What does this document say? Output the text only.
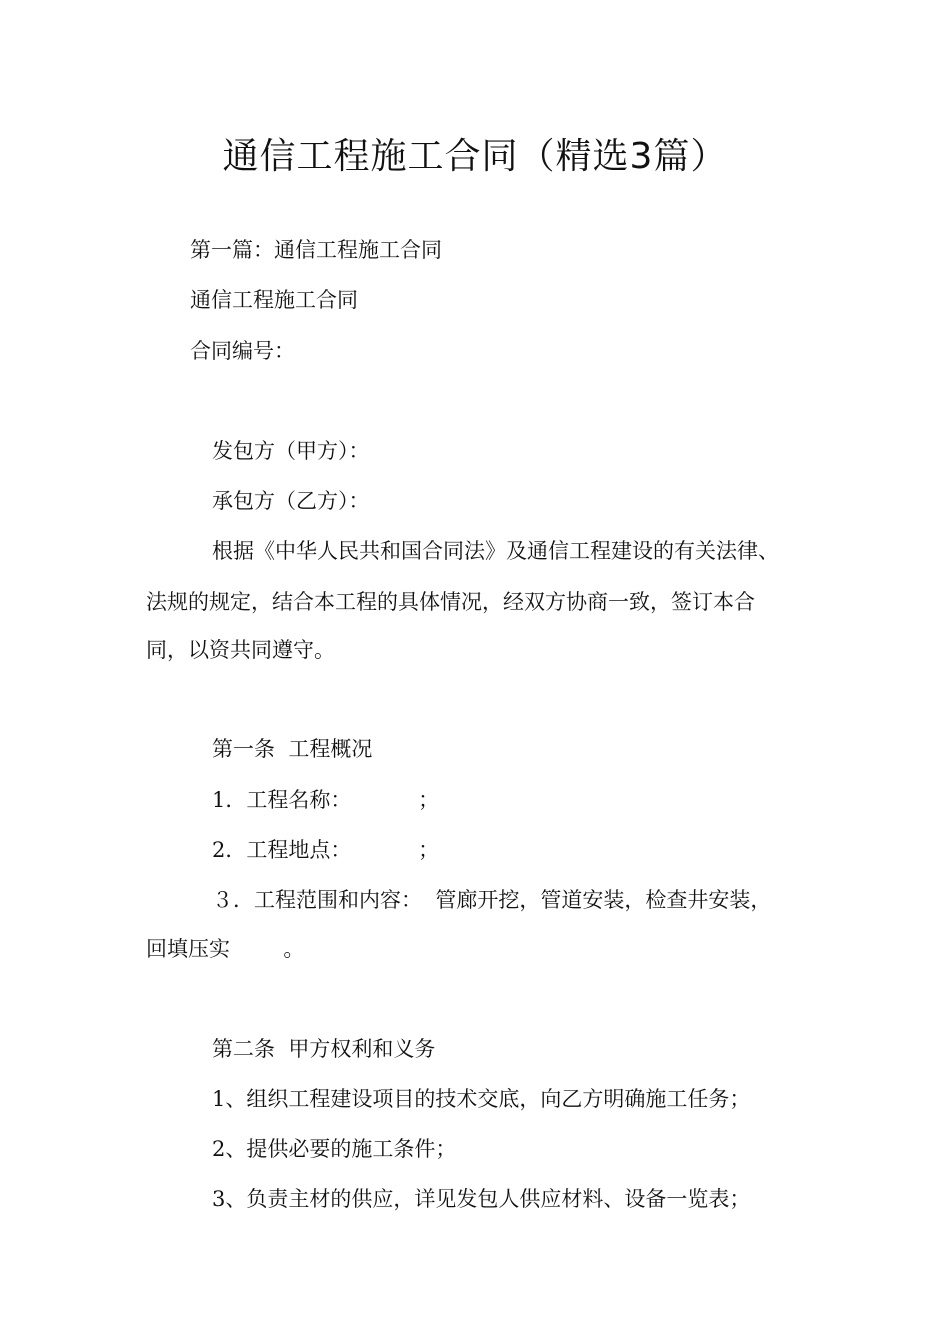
通信工程施工合同（精选3篇）
第一篇：通信工程施工合同
通信工程施工合同
合同编号：
发包方（甲方）：
承包方（乙方）：
根据《中华人民共和国合同法》及通信工程建设的有关法律、
法规的规定，结合本工程的具体情况，经双方协商一致，签订本合
同，以资共同遵守。
第一条  工程概况
1．工程名称：          ；
2．工程地点：          ；
３．工程范围和内容：  管廊开挖，管道安装，检查井安装，
回填压实        。
第二条  甲方权利和义务
1、组织工程建设项目的技术交底，向乙方明确施工任务；
2、提供必要的施工条件；
3、负责主材的供应，详见发包人供应材料、设备一览表；
